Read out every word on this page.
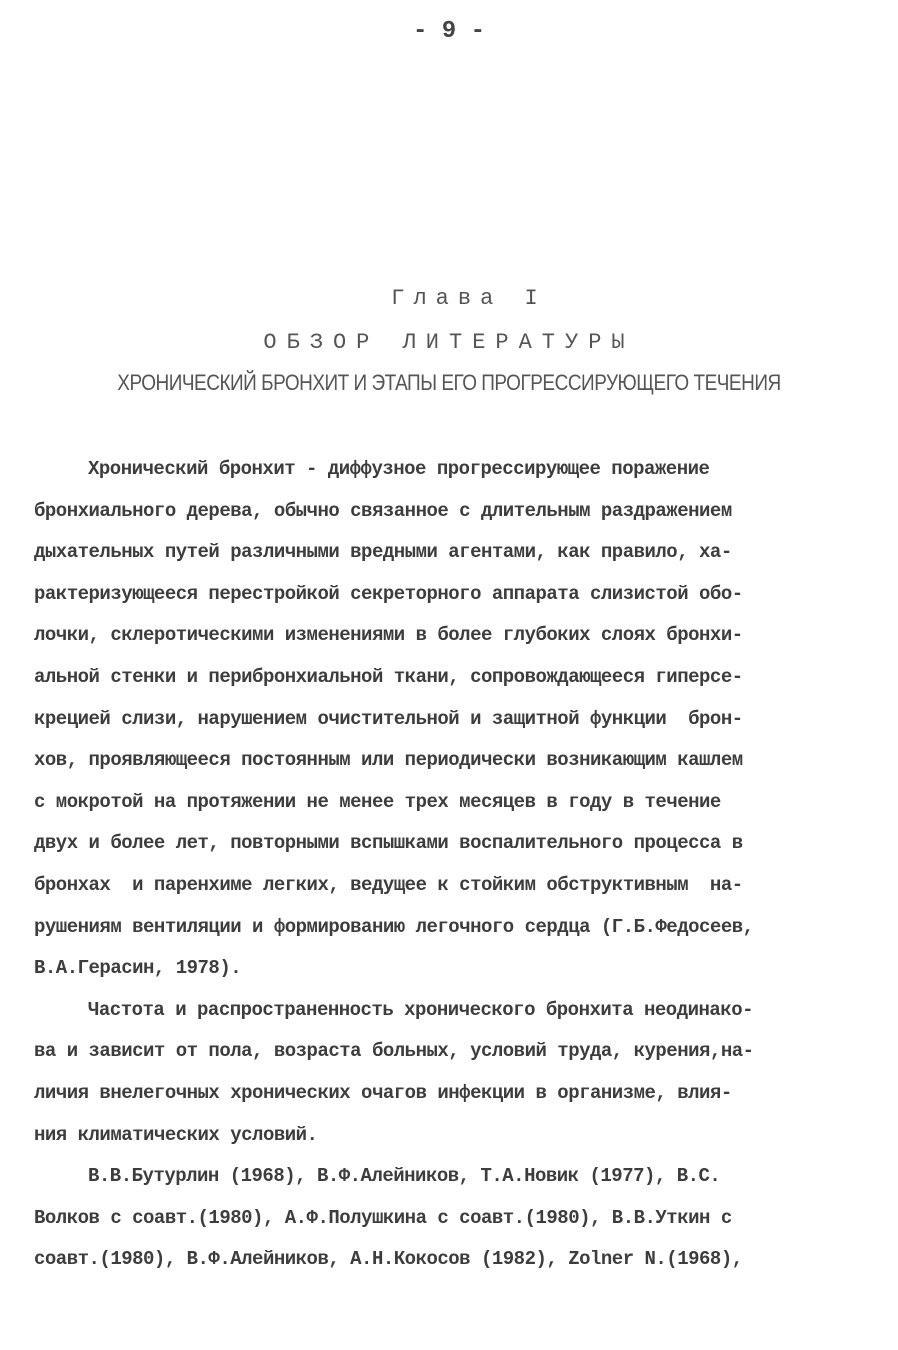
- 9 -
Глава I
ОБЗОР ЛИТЕРАТУРЫ
ХРОНИЧЕСКИЙ БРОНХИТ И ЭТАПЫ ЕГО ПРОГРЕССИРУЮЩЕГО ТЕЧЕНИЯ
Хронический бронхит - диффузное прогрессирующее поражение
бронхиального дерева, обычно связанное с длительным раздражением
дыхательных путей различными вредными агентами, как правило, ха-
рактеризующееся перестройкой секреторного аппарата слизистой обо-
лочки, склеротическими изменениями в более глубоких слоях бронхи-
альной стенки и перибронхиальной ткани, сопровождающееся гиперсе-
крецией слизи, нарушением очистительной и защитной функции  брон-
хов, проявляющееся постоянным или периодически возникающим кашлем
с мокротой на протяжении не менее трех месяцев в году в течение
двух и более лет, повторными вспышками воспалительного процесса в
бронхах  и паренхиме легких, ведущее к стойким обструктивным  на-
рушениям вентиляции и формированию легочного сердца (Г.Б.Федосеев,
В.А.Герасин, 1978).
Частота и распространенность хронического бронхита неодинако-
ва и зависит от пола, возраста больных, условий труда, курения,на-
личия внелегочных хронических очагов инфекции в организме, влия-
ния климатических условий.
В.В.Бутурлин (1968), В.Ф.Алейников, Т.А.Новик (1977), В.С.
Волков с соавт.(1980), А.Ф.Полушкина с соавт.(1980), В.В.Уткин с
соавт.(1980), В.Ф.Алейников, А.Н.Кокосов (1982), Zolner N.(1968),
